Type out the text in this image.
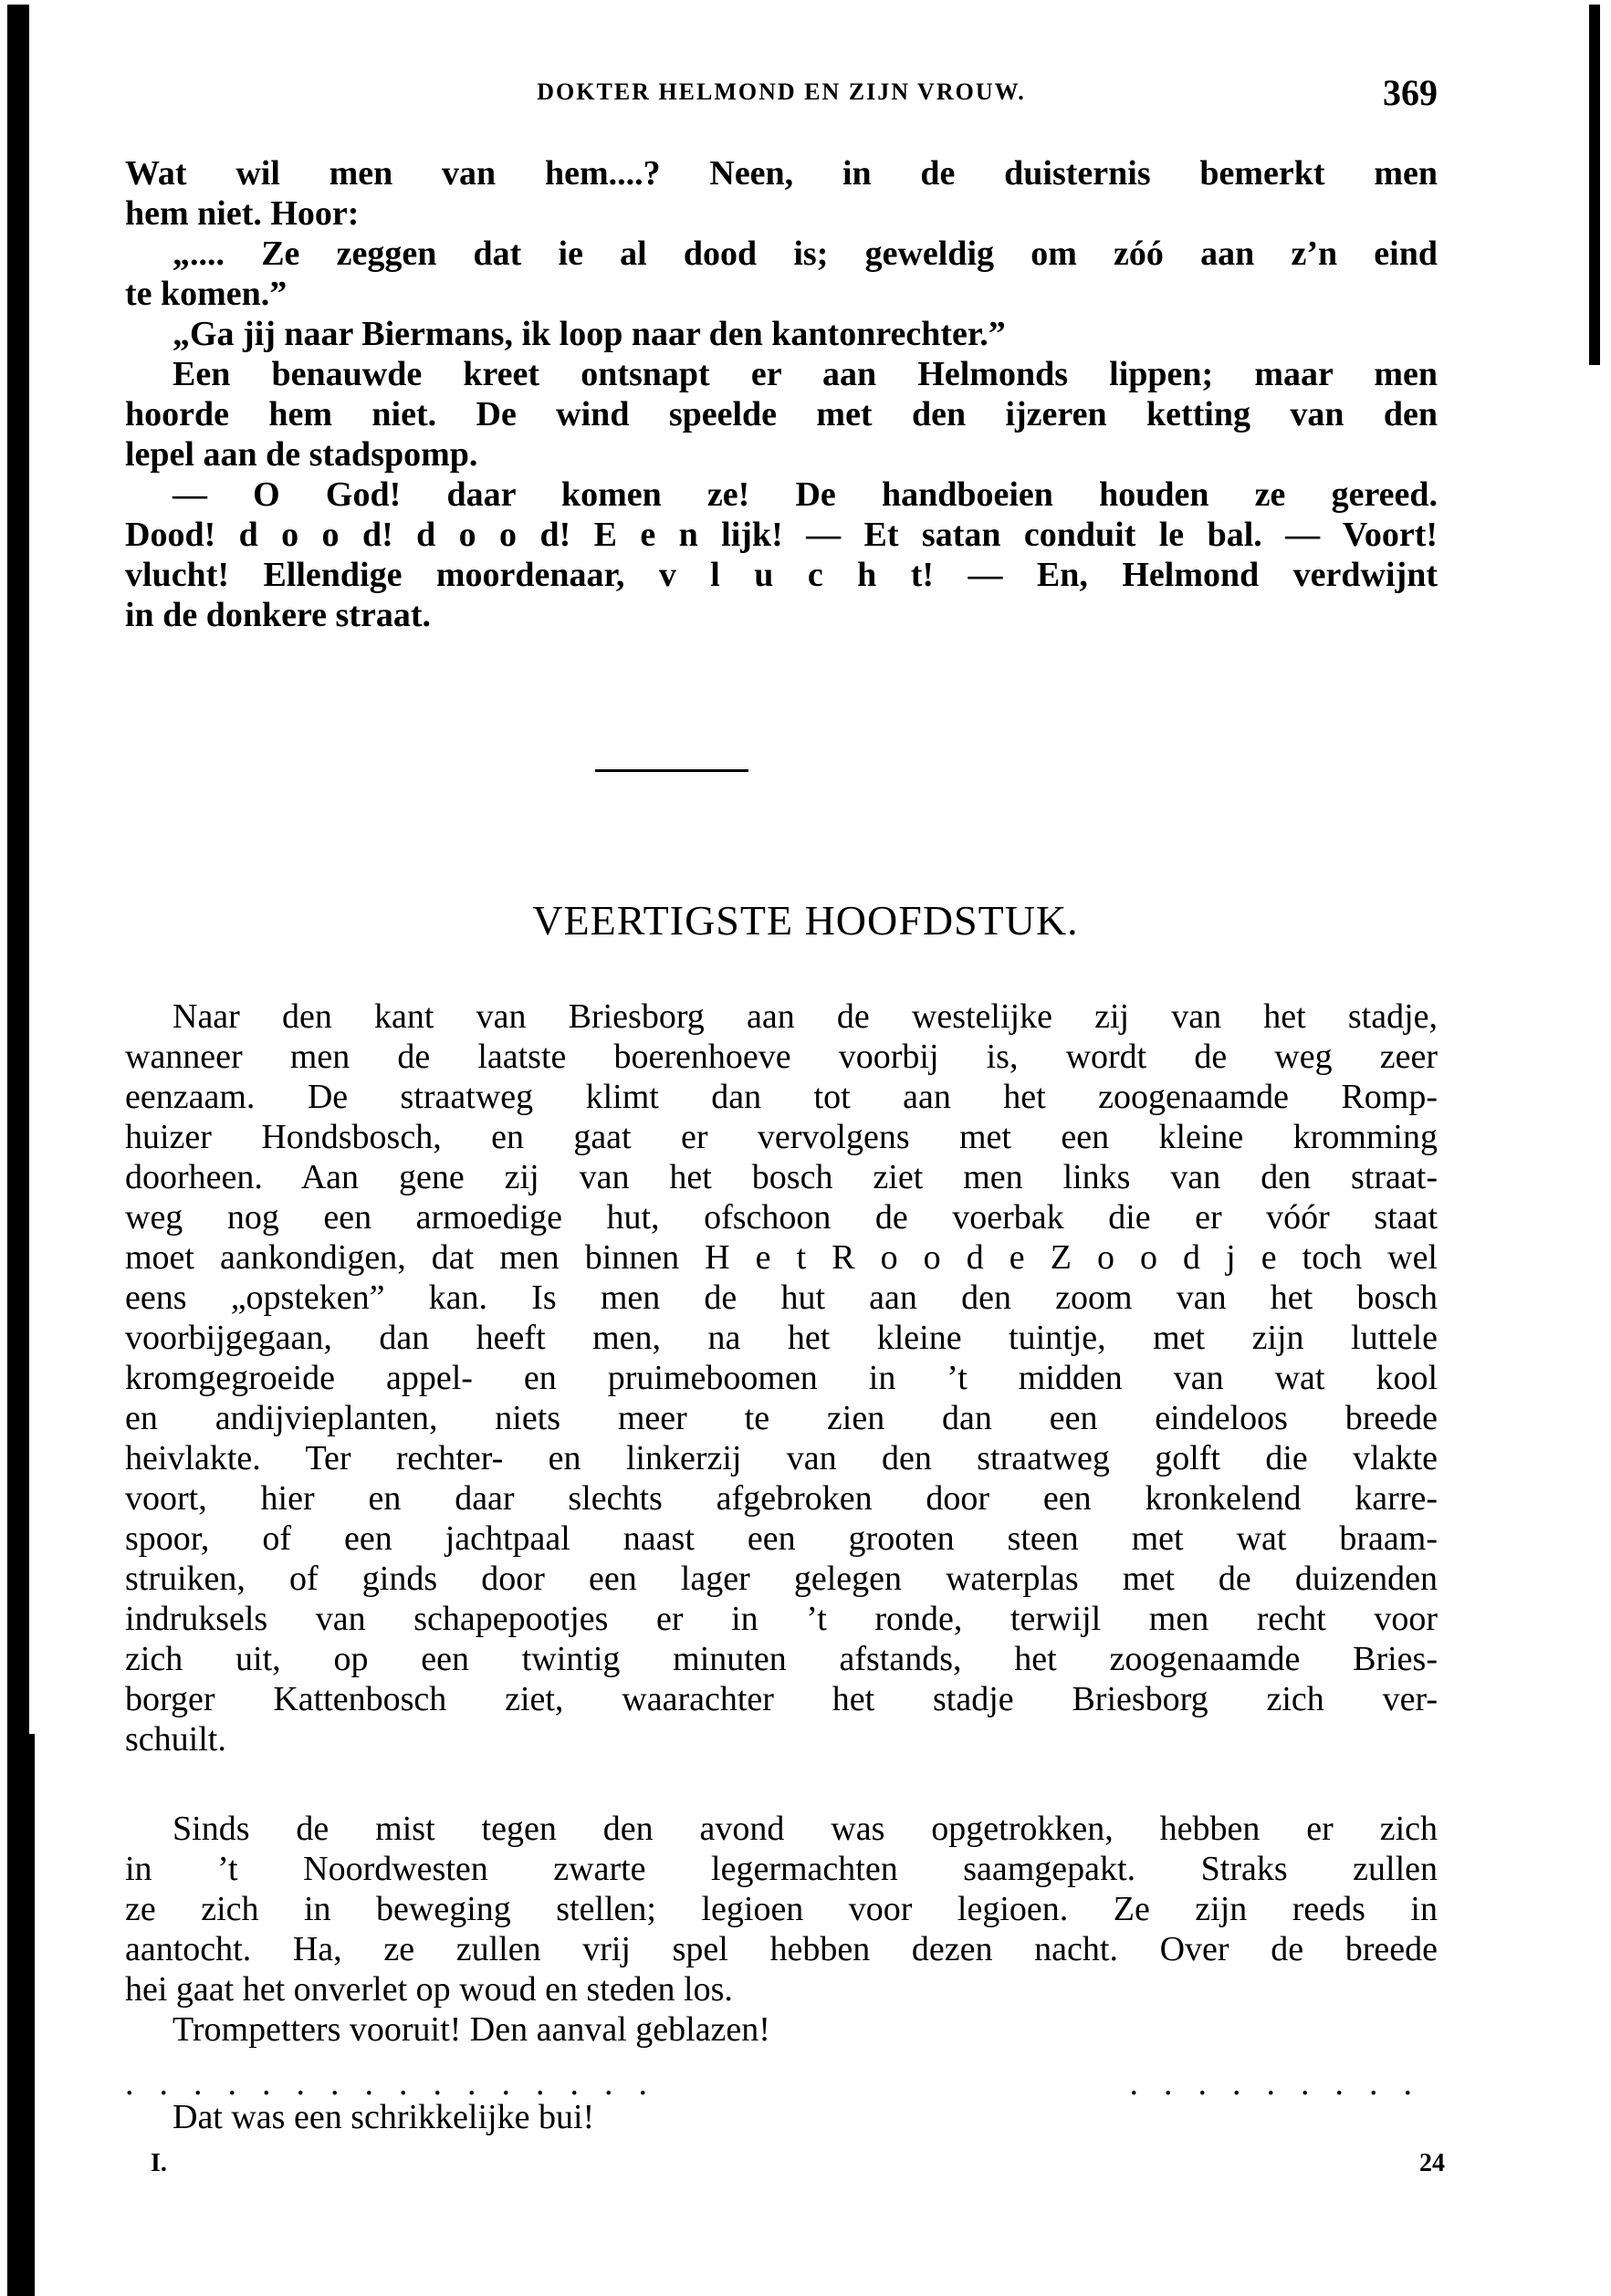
DOKTER HELMOND EN ZIJN VROUW.	369
Wat wil men van hem....? Neen, in de duisternis bemerkt men
hem niet. Hoor:
„.... Ze zeggen dat ie al dood is; geweldig om zóó aan z’n eind
te komen.”
„Ga jij naar Biermans, ik loop naar den kantonrechter.”
Een benauwde kreet ontsnapt er aan Helmonds lippen; maar men
hoorde hem niet. De wind speelde met den ijzeren ketting van den
lepel aan de stadspomp.
— O God! daar komen ze! De handboeien houden ze gereed.
Dood! d o o d! d o o d! E e n lijk! — Et satan conduit le bal. — Voort!
vlucht! Ellendige moordenaar, v l u c h t! — En, Helmond verdwijnt
in de donkere straat.
VEERTIGSTE HOOFDSTUK.
Naar den kant van Briesborg aan de westelijke zij van het stadje,
wanneer men de laatste boerenhoeve voorbij is, wordt de weg zeer
eenzaam. De straatweg klimt dan tot aan het zoogenaamde Romp-
huizer Hondsbosch, en gaat er vervolgens met een kleine kromming
doorheen. Aan gene zij van het bosch ziet men links van den straat-
weg nog een armoedige hut, ofschoon de voerbak die er vóór staat
moet aankondigen, dat men binnen H e t R o o d e Z o o d j e toch wel
eens „opsteken” kan. Is men de hut aan den zoom van het bosch
voorbijgegaan, dan heeft men, na het kleine tuintje, met zijn luttele
kromgegroeide appel- en pruimeboomen in ’t midden van wat kool
en andijvieplanten, niets meer te zien dan een eindeloos breede
heivlakte. Ter rechter- en linkerzij van den straatweg golft die vlakte
voort, hier en daar slechts afgebroken door een kronkelend karre-
spoor, of een jachtpaal naast een grooten steen met wat braam-
struiken, of ginds door een lager gelegen waterplas met de duizenden
indruksels van schapepootjes er in ’t ronde, terwijl men recht voor
zich uit, op een twintig minuten afstands, het zoogenaamde Bries-
borger Kattenbosch ziet, waarachter het stadje Briesborg zich ver-
schuilt.
Sinds de mist tegen den avond was opgetrokken, hebben er zich
in ’t Noordwesten zwarte legermachten saamgepakt. Straks zullen
ze zich in beweging stellen; legioen voor legioen. Ze zijn reeds in
aantocht. Ha, ze zullen vrij spel hebben dezen nacht. Over de breede
hei gaat het onverlet op woud en steden los.
Trompetters vooruit! Den aanval geblazen!
................	.........
Dat was een schrikkelijke bui!
I.	24
